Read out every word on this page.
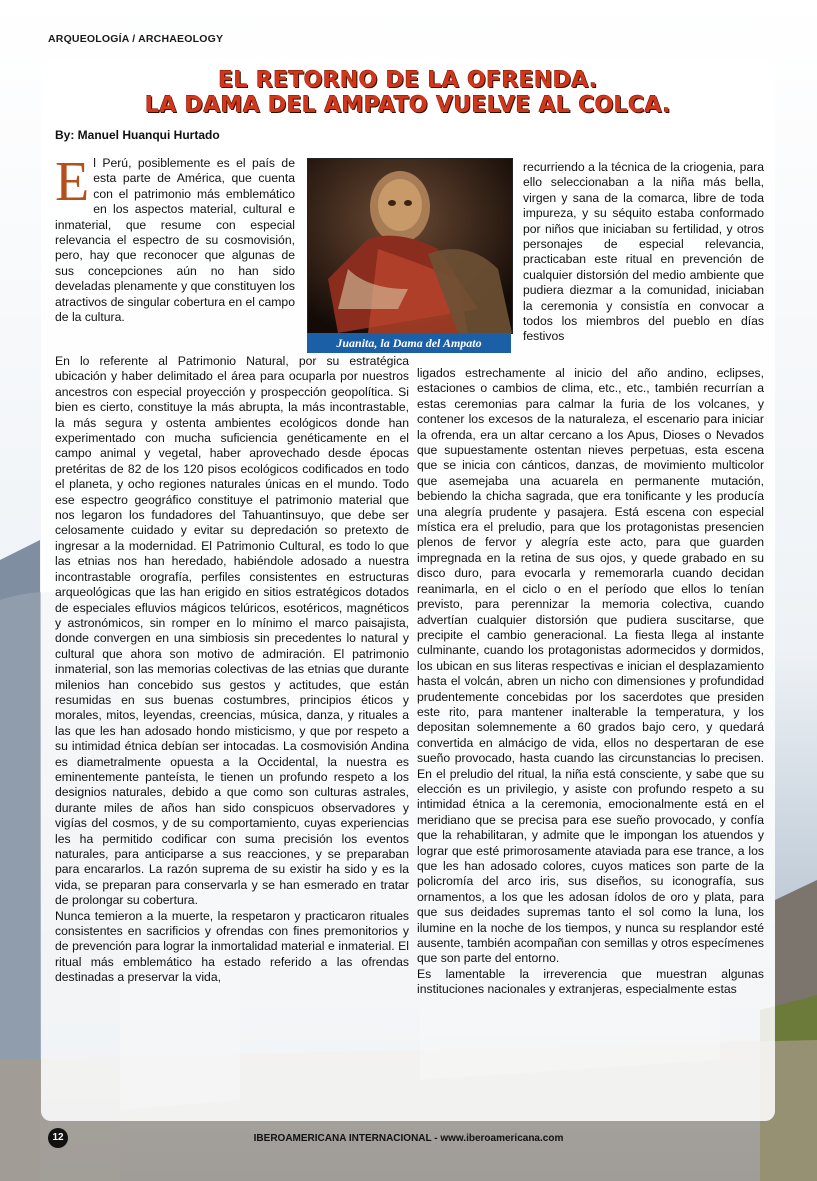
ARQUEOLOGÍA / ARCHAEOLOGY
EL RETORNO DE LA OFRENDA.
LA DAMA DEL AMPATO VUELVE AL COLCA.
By: Manuel Huanqui Hurtado
E l Perú, posiblemente es el país de esta parte de América, que cuenta con el patrimonio más emblemático en los aspectos material, cultural e inmaterial, que resume con especial relevancia el espectro de su cosmovisión, pero, hay que reconocer que algunas de sus concepciones aún no han sido develadas plenamente y que constituyen los atractivos de singular cobertura en el campo de la cultura.
Juanita, la Dama del Ampato

En lo referente al Patrimonio Natural, por su estratégica ubicación y haber delimitado el área para ocuparla por nuestros ancestros con especial proyección y prospección geopolítica. Si bien es cierto, constituye la más abrupta, la más incontrastable, la más segura y ostenta ambientes ecológicos donde han experimentado con mucha suficiencia genéticamente en el campo animal y vegetal, haber aprovechado desde épocas pretéritas de 82 de los 120 pisos ecológicos codificados en todo el planeta, y ocho regiones naturales únicas en el mundo. Todo ese espectro geográfico constituye el patrimonio material que nos legaron los fundadores del Tahuantinsuyo, que debe ser celosamente cuidado y evitar su depredación so pretexto de ingresar a la modernidad. El Patrimonio Cultural, es todo lo que las etnias nos han heredado, habiéndole adosado a nuestra incontrastable orografía, perfiles consistentes en estructuras arqueológicas que las han erigido en sitios estratégicos dotados de especiales efluvios mágicos telúricos, esotéricos, magnéticos y astronómicos, sin romper en lo mínimo el marco paisajista, donde convergen en una simbiosis sin precedentes lo natural y cultural que ahora son motivo de admiración. El patrimonio inmaterial, son las memorias colectivas de las etnias que durante milenios han concebido sus gestos y actitudes, que están resumidas en sus buenas costumbres, principios éticos y morales, mitos, leyendas, creencias, música, danza, y rituales a las que les han adosado hondo misticismo, y que por respeto a su intimidad étnica debían ser intocadas. La cosmovisión Andina es diametralmente opuesta a la Occidental, la nuestra es eminentemente panteísta, le tienen un profundo respeto a los designios naturales, debido a que como son culturas astrales, durante miles de años han sido conspicuos observadores y vigías del cosmos, y de su comportamiento, cuyas experiencias les ha permitido codificar con suma precisión los eventos naturales, para anticiparse a sus reacciones, y se preparaban para encararlos. La razón suprema de su existir ha sido y es la vida, se preparan para conservarla y se han esmerado en tratar de prolongar su cobertura.

Nunca temieron a la muerte, la respetaron y practicaron rituales consistentes en sacrificios y ofrendas con fines premonitorios y de prevención para lograr la inmortalidad material e inmaterial. El ritual más emblemático ha estado referido a las ofrendas destinadas a preservar la vida,

recurriendo a la técnica de la criogenia, para ello seleccionaban a la niña más bella, virgen y sana de la comarca, libre de toda impureza, y su séquito estaba conformado por niños que iniciaban su fertilidad, y otros personajes de especial relevancia, practicaban este ritual en prevención de cualquier distorsión del medio ambiente que pudiera diezmar a la comunidad, iniciaban la ceremonia y consistía en convocar a todos los miembros del pueblo en días festivos

ligados estrechamente al inicio del año andino, eclipses, estaciones o cambios de clima, etc., etc., también recurrían a estas ceremonias para calmar la furia de los volcanes, y contener los excesos de la naturaleza, el escenario para iniciar la ofrenda, era un altar cercano a los Apus, Dioses o Nevados que supuestamente ostentan nieves perpetuas, esta escena que se inicia con cánticos, danzas, de movimiento multicolor que asemejaba una acuarela en permanente mutación, bebiendo la chicha sagrada, que era tonificante y les producía una alegría prudente y pasajera. Está escena con especial mística era el preludio, para que los protagonistas presencien plenos de fervor y alegría este acto, para que guarden impregnada en la retina de sus ojos, y quede grabado en su disco duro, para evocarla y rememorarla cuando decidan reanimarla, en el ciclo o en el período que ellos lo tenían previsto, para perennizar la memoria colectiva, cuando advertían cualquier distorsión que pudiera suscitarse, que precipite el cambio generacional. La fiesta llega al instante culminante, cuando los protagonistas adormecidos y dormidos, los ubican en sus literas respectivas e inician el desplazamiento hasta el volcán, abren un nicho con dimensiones y profundidad prudentemente concebidas por los sacerdotes que presiden este rito, para mantener inalterable la temperatura, y los depositan solemnemente a 60 grados bajo cero, y quedará convertida en almácigo de vida, ellos no despertaran de ese sueño provocado, hasta cuando las circunstancias lo precisen. En el preludio del ritual, la niña está consciente, y sabe que su elección es un privilegio, y asiste con profundo respeto a su intimidad étnica a la ceremonia, emocionalmente está en el meridiano que se precisa para ese sueño provocado, y confía que la rehabilitaran, y admite que le impongan los atuendos y lograr que esté primorosamente ataviada para ese trance, a los que les han adosado colores, cuyos matices son parte de la policromía del arco iris, sus diseños, su iconografía, sus ornamentos, a los que les adosan ídolos de oro y plata, para que sus deidades supremas tanto el sol como la luna, los ilumine en la noche de los tiempos, y nunca su resplandor esté ausente, también acompañan con semillas y otros especímenes que son parte del entorno.

Es lamentable la irreverencia que muestran algunas instituciones nacionales y extranjeras, especialmente estas

12	IBEROAMERICANA INTERNACIONAL - www.iberoamericana.com
